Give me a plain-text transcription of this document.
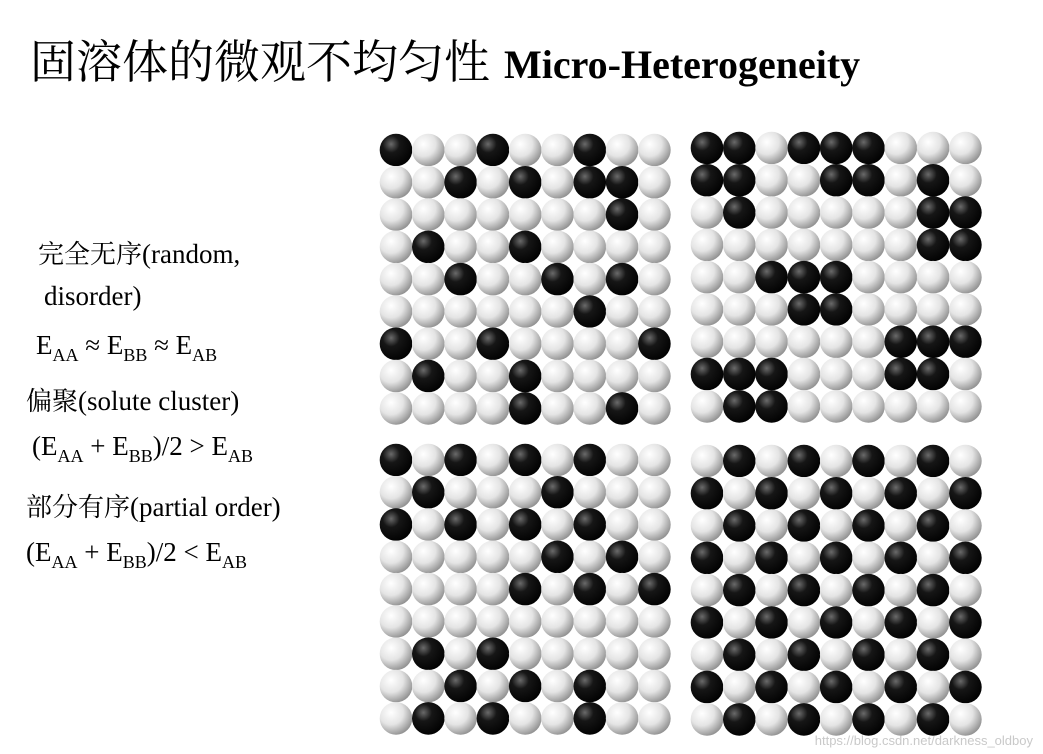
固溶体的微观不均匀性 Micro-Heterogeneity
完全无序(random,
disorder)
$E_{AA} \approx E_{BB} \approx E_{AB}$
偏聚(solute cluster)
$(E_{AA} + E_{BB})/2 > E_{AB}$
部分有序(partial order)
$(E_{AA} + E_{BB})/2 < E_{AB}$
https://blog.csdn.net/darkness_oldboy
